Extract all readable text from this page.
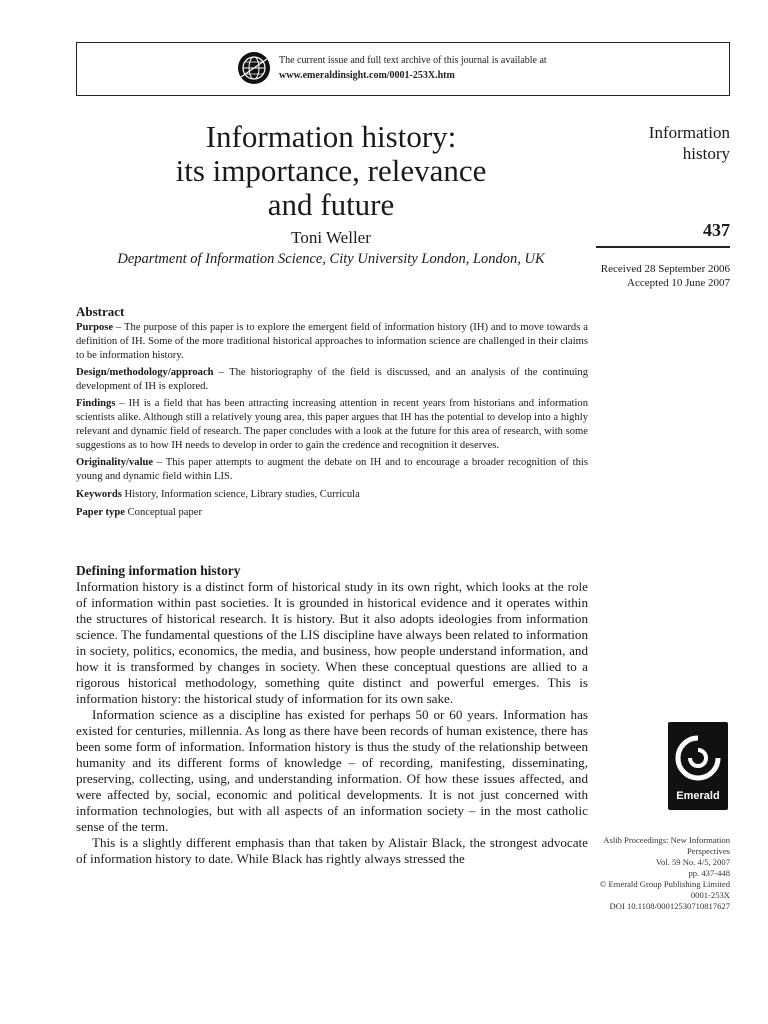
The current issue and full text archive of this journal is available at
www.emeraldinsight.com/0001-253X.htm
Information history:
its importance, relevance
and future
Toni Weller
Department of Information Science, City University London, London, UK
Information
history
437
Received 28 September 2006
Accepted 10 June 2007
Abstract

Purpose – The purpose of this paper is to explore the emergent field of information history (IH) and to move towards a definition of IH. Some of the more traditional historical approaches to information science are challenged in their claims to be information history.

Design/methodology/approach – The historiography of the field is discussed, and an analysis of the continuing development of IH is explored.

Findings – IH is a field that has been attracting increasing attention in recent years from historians and information scientists alike. Although still a relatively young area, this paper argues that IH has the potential to develop into a highly relevant and dynamic field of research. The paper concludes with a look at the future for this area of research, with some suggestions as to how IH needs to develop in order to gain the credence and recognition it deserves.

Originality/value – This paper attempts to augment the debate on IH and to encourage a broader recognition of this young and dynamic field within LIS.

Keywords History, Information science, Library studies, Curricula

Paper type Conceptual paper

Defining information history

Information history is a distinct form of historical study in its own right, which looks at the role of information within past societies. It is grounded in historical evidence and it operates within the structures of historical research. It is history. But it also adopts ideologies from information science. The fundamental questions of the LIS discipline have always been related to information in society, politics, economics, the media, and business, how people understand information, and how it is transformed by changes in society. When these conceptual questions are allied to a rigorous historical methodology, something quite distinct and powerful emerges. This is information history: the historical study of information for its own sake.

Information science as a discipline has existed for perhaps 50 or 60 years. Information has existed for centuries, millennia. As long as there have been records of human existence, there has been some form of information. Information history is thus the study of the relationship between humanity and its different forms of knowledge – of recording, manifesting, disseminating, preserving, collecting, using, and understanding information. Of how these issues affected, and were affected by, social, economic and political developments. It is not just concerned with information technologies, but with all aspects of an information society – in the most catholic sense of the term.

This is a slightly different emphasis than that taken by Alistair Black, the strongest advocate of information history to date. While Black has rightly always stressed the

Emerald
Aslib Proceedings: New Information
Perspectives
Vol. 59 No. 4/5, 2007
pp. 437-448
© Emerald Group Publishing Limited
0001-253X
DOI 10.1108/00012530710817627
